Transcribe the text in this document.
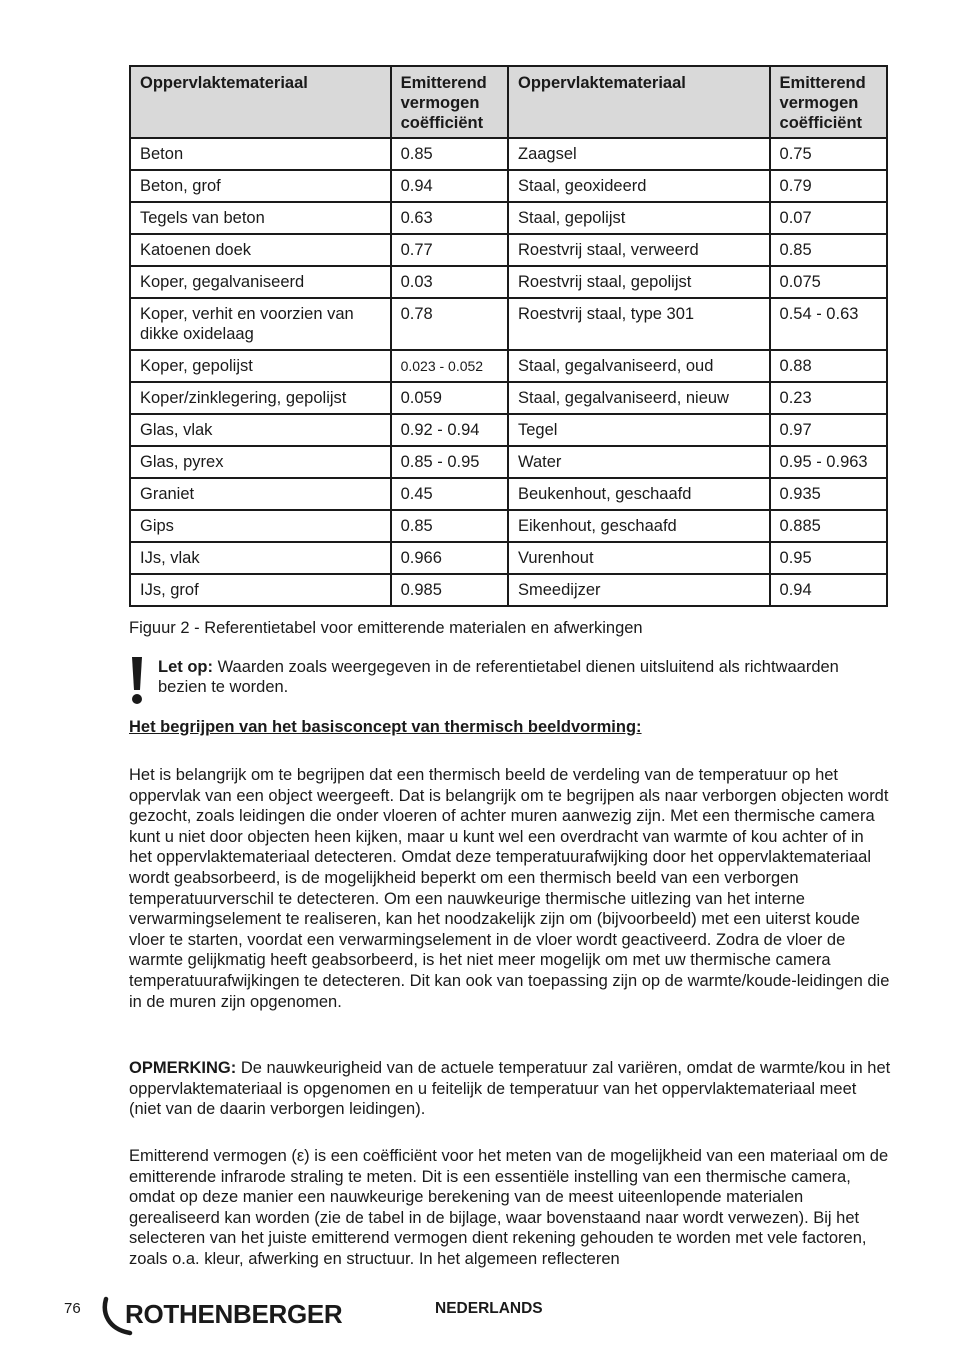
Oppervlaktemateriaal	Emitterend vermogen coëfficiënt	Oppervlaktemateriaal	Emitterend vermogen coëfficiënt
Beton	0.85	Zaagsel	0.75
Beton, grof	0.94	Staal, geoxideerd	0.79
Tegels van beton	0.63	Staal, gepolijst	0.07
Katoenen doek	0.77	Roestvrij staal, verweerd	0.85
Koper, gegalvaniseerd	0.03	Roestvrij staal, gepolijst	0.075
Koper, verhit en voorzien van dikke oxidelaag	0.78	Roestvrij staal, type 301	0.54 - 0.63
Koper, gepolijst	0.023 - 0.052	Staal, gegalvaniseerd, oud	0.88
Koper/zinklegering, gepolijst	0.059	Staal, gegalvaniseerd, nieuw	0.23
Glas, vlak	0.92 - 0.94	Tegel	0.97
Glas, pyrex	0.85 - 0.95	Water	0.95 - 0.963
Graniet	0.45	Beukenhout, geschaafd	0.935
Gips	0.85	Eikenhout, geschaafd	0.885
IJs, vlak	0.966	Vurenhout	0.95
IJs, grof	0.985	Smeedijzer	0.94
Figuur 2 - Referentietabel voor emitterende materialen en afwerkingen
Let op: Waarden zoals weergegeven in de referentietabel dienen uitsluitend als richtwaarden bezien te worden.
Het begrijpen van het basisconcept van thermisch beeldvorming:

Het is belangrijk om te begrijpen dat een thermisch beeld de verdeling van de temperatuur op het oppervlak van een object weergeeft. Dat is belangrijk om te begrijpen als naar verborgen objecten wordt gezocht, zoals leidingen die onder vloeren of achter muren aanwezig zijn. Met een thermische camera kunt u niet door objecten heen kijken, maar u kunt wel een overdracht van warmte of kou achter of in het oppervlaktemateriaal detecteren. Omdat deze temperatuurafwijking door het oppervlaktemateriaal wordt geabsorbeerd, is de mogelijkheid beperkt om een thermisch beeld van een verborgen temperatuurverschil te detecteren. Om een nauwkeurige thermische uitlezing van het interne verwarmingselement te realiseren, kan het noodzakelijk zijn om (bijvoorbeeld) met een uiterst koude vloer te starten, voordat een verwarmingselement in de vloer wordt geactiveerd. Zodra de vloer de warmte gelijkmatig heeft geabsorbeerd, is het niet meer mogelijk om met uw thermische camera temperatuurafwijkingen te detecteren. Dit kan ook van toepassing zijn op de warmte/koude-leidingen die in de muren zijn opgenomen.

OPMERKING: De nauwkeurigheid van de actuele temperatuur zal variëren, omdat de warmte/kou in het oppervlaktemateriaal is opgenomen en u feitelijk de temperatuur van het oppervlaktemateriaal meet (niet van de daarin verborgen leidingen).

Emitterend vermogen (ε) is een coëfficiënt voor het meten van de mogelijkheid van een materiaal om de emitterende infrarode straling te meten. Dit is een essentiële instelling van een thermische camera, omdat op deze manier een nauwkeurige berekening van de meest uiteenlopende materialen gerealiseerd kan worden (zie de tabel in de bijlage, waar bovenstaand naar wordt verwezen). Bij het selecteren van het juiste emitterend vermogen dient rekening gehouden te worden met vele factoren, zoals o.a. kleur, afwerking en structuur. In het algemeen reflecteren

76 ROTHENBERGER	NEDERLANDS
